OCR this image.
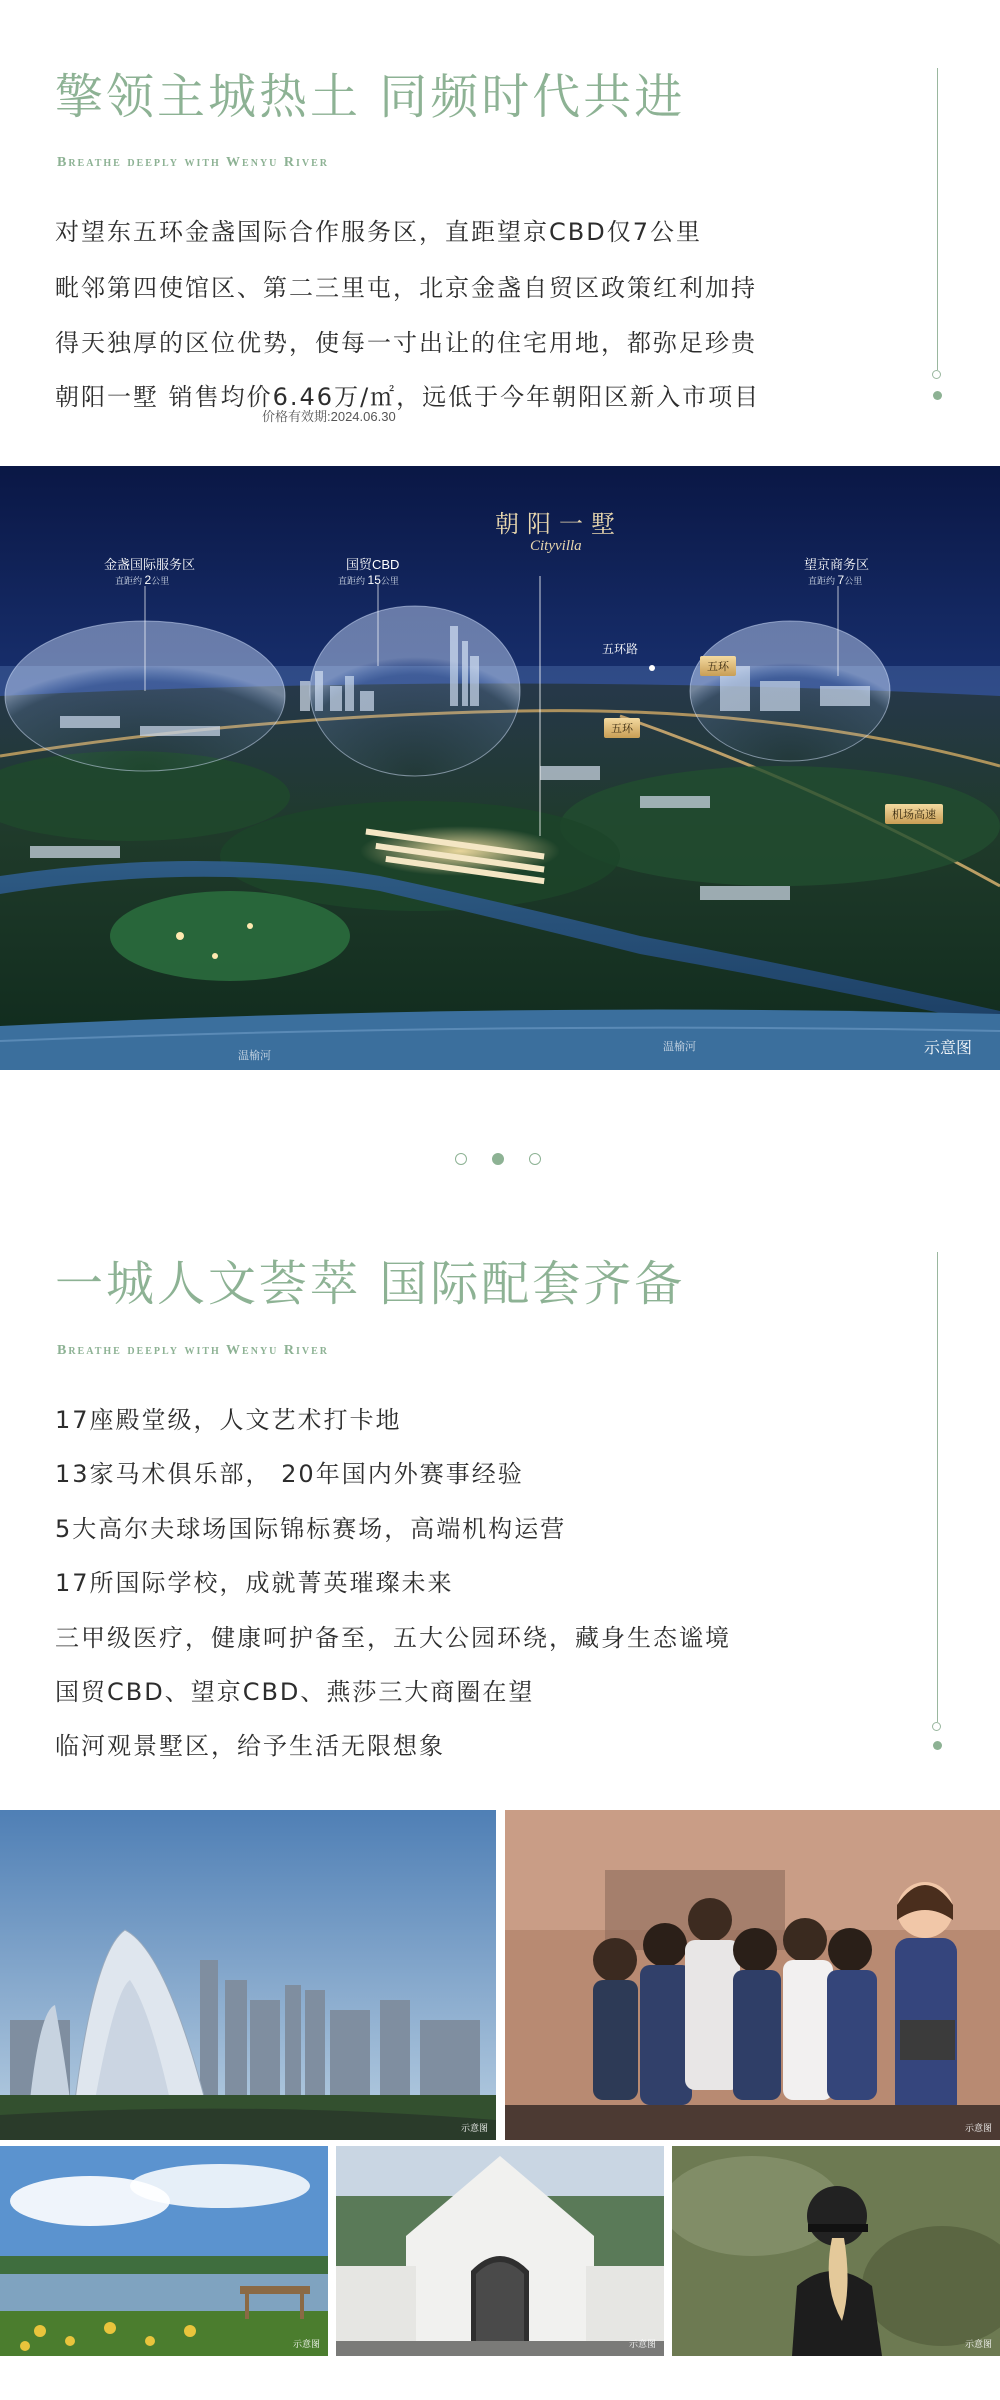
擎领主城热土 同频时代共进
Breathe deeply with Wenyu River
对望东五环金盏国际合作服务区，直距望京CBD仅7公里
毗邻第四使馆区、第二三里屯，北京金盏自贸区政策红利加持
得天独厚的区位优势，使每一寸出让的住宅用地，都弥足珍贵
朝阳一墅 销售均价6.46万/㎡，远低于今年朝阳区新入市项目
价格有效期:2024.06.30
朝阳一墅
Cityvilla
金盏国际服务区
直距约 2公里
国贸CBD
直距约 15公里
望京商务区
直距约 7公里
五环路
五环
五环
机场高速
温榆河
温榆河	示意图
一城人文荟萃 国际配套齐备
Breathe deeply with Wenyu River
17座殿堂级，人文艺术打卡地
13家马术俱乐部， 20年国内外赛事经验
5大高尔夫球场国际锦标赛场，高端机构运营
17所国际学校，成就菁英璀璨未来
三甲级医疗，健康呵护备至，五大公园环绕，藏身生态谧境
国贸CBD、望京CBD、燕莎三大商圈在望
临河观景墅区，给予生活无限想象
示意图	示意图
示意图	示意图	示意图
